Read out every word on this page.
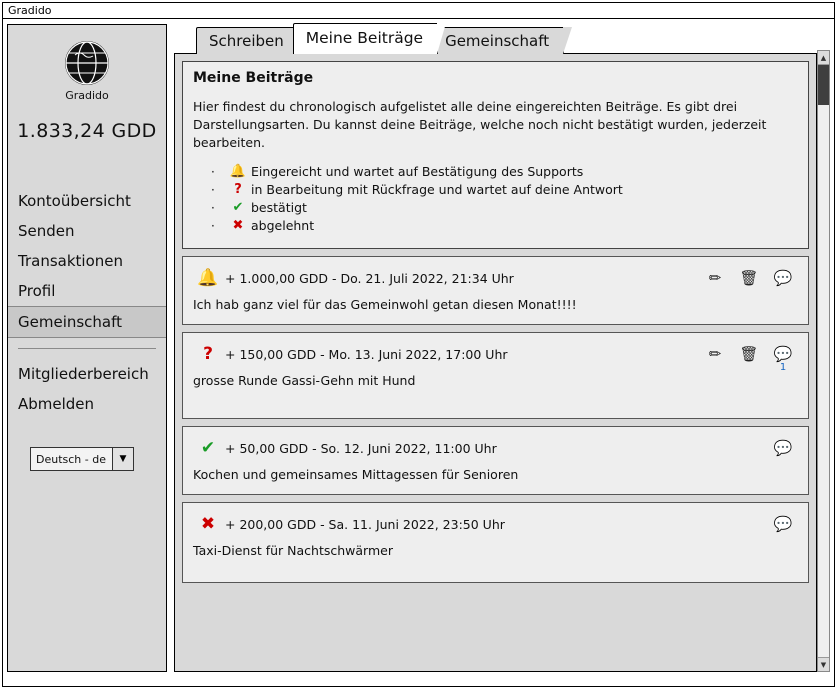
Gradido
Gradido
1.833,24 GDD
Kontoübersicht
Senden
Transaktionen
Profil
Gemeinschaft
Mitgliederbereich
Abmelden
Deutsch - de	▼
Schreiben	Meine Beiträge	Gemeinschaft
Meine Beiträge
Hier findest du chronologisch aufgelistet alle deine eingereichten Beiträge. Es gibt drei Darstellungsarten. Du kannst deine Beiträge, welche noch nicht bestätigt wurden, jederzeit bearbeiten.
·	🔔 Eingereicht und wartet auf Bestätigung des Supports
·	? in Bearbeitung mit Rückfrage und wartet auf deine Antwort
·	✔ bestätigt
·	✖ abgelehnt
🔔 + 1.000,00 GDD - Do. 21. Juli 2022, 21:34 Uhr	✏	🗑 💬
Ich hab ganz viel für das Gemeinwohl getan diesen Monat!!!!
? + 150,00 GDD - Mo. 13. Juni 2022, 17:00 Uhr	✏	🗑 💬
1
grosse Runde Gassi-Gehn mit Hund
✔ + 50,00 GDD - So. 12. Juni 2022, 11:00 Uhr	💬
Kochen und gemeinsames Mittagessen für Senioren
✖ + 200,00 GDD - Sa. 11. Juni 2022, 23:50 Uhr	💬
Taxi-Dienst für Nachtschwärmer
▲
▼
